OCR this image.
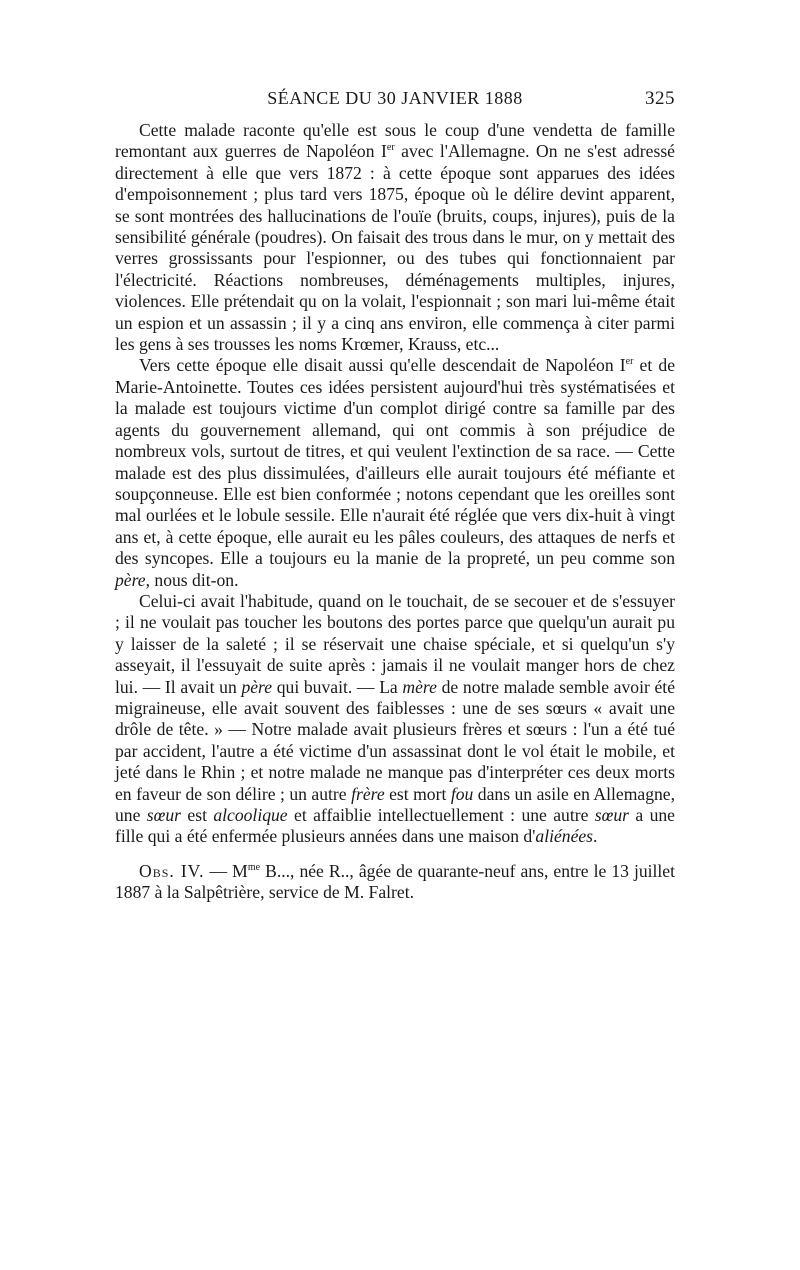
SÉANCE DU 30 JANVIER 1888	325

Cette malade raconte qu'elle est sous le coup d'une vendetta de famille remontant aux guerres de Napoléon Ier avec l'Allemagne. On ne s'est adressé directement à elle que vers 1872 : à cette époque sont apparues des idées d'empoisonnement ; plus tard vers 1875, époque où le délire devint apparent, se sont montrées des hallucinations de l'ouïe (bruits, coups, injures), puis de la sensibilité générale (poudres). On faisait des trous dans le mur, on y mettait des verres grossissants pour l'espionner, ou des tubes qui fonctionnaient par l'électricité. Réactions nombreuses, déménagements multiples, injures, violences. Elle prétendait qu on la volait, l'espionnait ; son mari lui-même était un espion et un assassin ; il y a cinq ans environ, elle commença à citer parmi les gens à ses trousses les noms Krœmer, Krauss, etc...

Vers cette époque elle disait aussi qu'elle descendait de Napoléon Ier et de Marie-Antoinette. Toutes ces idées persistent aujourd'hui très systématisées et la malade est toujours victime d'un complot dirigé contre sa famille par des agents du gouvernement allemand, qui ont commis à son préjudice de nombreux vols, surtout de titres, et qui veulent l'extinction de sa race. — Cette malade est des plus dissimulées, d'ailleurs elle aurait toujours été méfiante et soupçonneuse. Elle est bien conformée ; notons cependant que les oreilles sont mal ourlées et le lobule sessile. Elle n'aurait été réglée que vers dix-huit à vingt ans et, à cette époque, elle aurait eu les pâles couleurs, des attaques de nerfs et des syncopes. Elle a toujours eu la manie de la propreté, un peu comme son père, nous dit-on.

Celui-ci avait l'habitude, quand on le touchait, de se secouer et de s'essuyer ; il ne voulait pas toucher les boutons des portes parce que quelqu'un aurait pu y laisser de la saleté ; il se réservait une chaise spéciale, et si quelqu'un s'y asseyait, il l'essuyait de suite après : jamais il ne voulait manger hors de chez lui. — Il avait un père qui buvait. — La mère de notre malade semble avoir été migraineuse, elle avait souvent des faiblesses : une de ses sœurs « avait une drôle de tête. » — Notre malade avait plusieurs frères et sœurs : l'un a été tué par accident, l'autre a été victime d'un assassinat dont le vol était le mobile, et jeté dans le Rhin ; et notre malade ne manque pas d'interpréter ces deux morts en faveur de son délire ; un autre frère est mort fou dans un asile en Allemagne, une sœur est alcoolique et affaiblie intellectuellement : une autre sœur a une fille qui a été enfermée plusieurs années dans une maison d'aliénées.

Obs. IV. — $M^{me}$ B..., née R.., âgée de quarante-neuf ans, entre le 13 juillet 1887 à la Salpêtrière, service de M. Falret.
